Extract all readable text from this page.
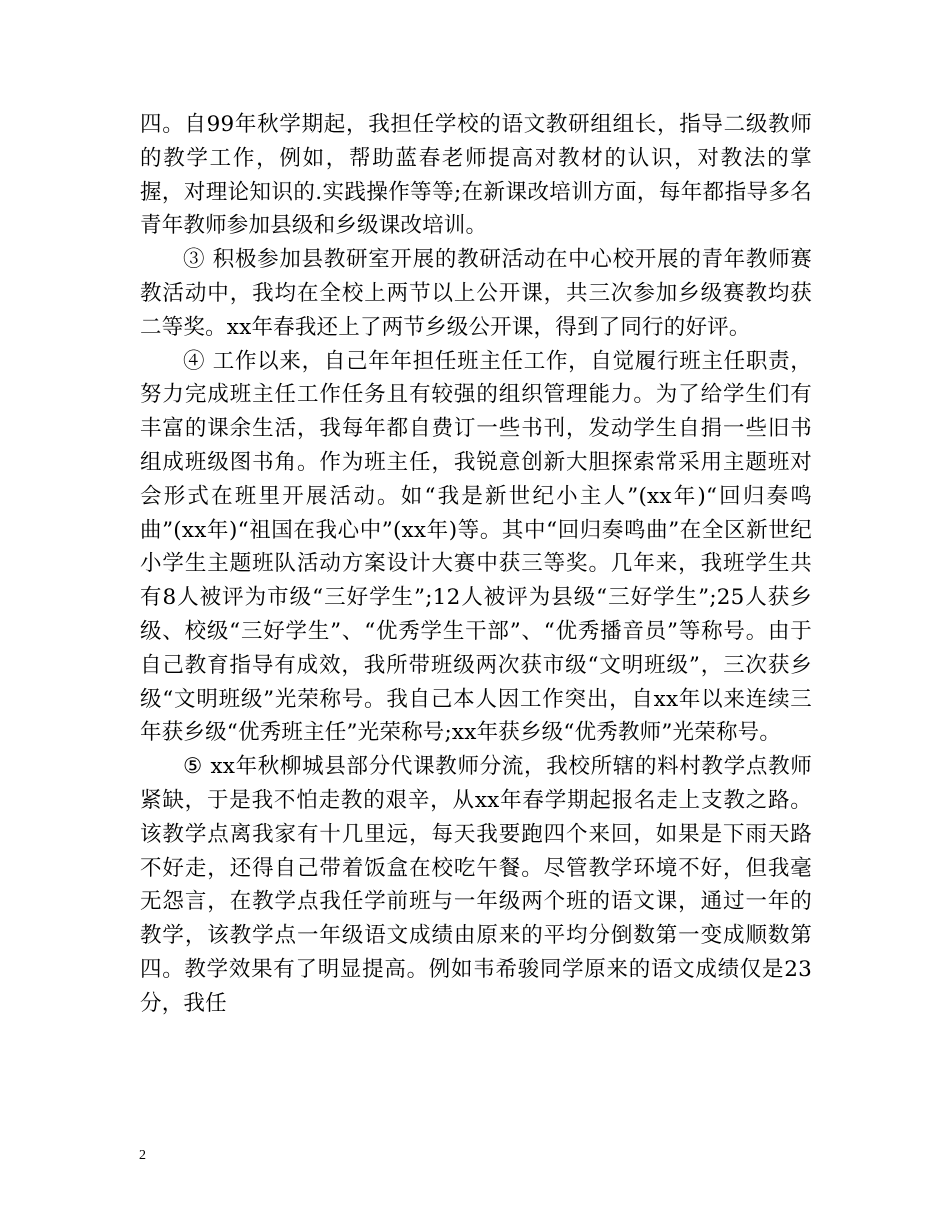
四。自99年秋学期起，我担任学校的语文教研组组长，指导二级教师的教学工作，例如，帮助蓝春老师提高对教材的认识，对教法的掌握，对理论知识的.实践操作等等;在新课改培训方面，每年都指导多名青年教师参加县级和乡级课改培训。

③ 积极参加县教研室开展的教研活动在中心校开展的青年教师赛教活动中，我均在全校上两节以上公开课，共三次参加乡级赛教均获二等奖。xx年春我还上了两节乡级公开课，得到了同行的好评。

④ 工作以来，自己年年担任班主任工作，自觉履行班主任职责，努力完成班主任工作任务且有较强的组织管理能力。为了给学生们有丰富的课余生活，我每年都自费订一些书刊，发动学生自捐一些旧书组成班级图书角。作为班主任，我锐意创新大胆探索常采用主题班对会形式在班里开展活动。如“我是新世纪小主人”(xx年)“回归奏鸣曲”(xx年)“祖国在我心中”(xx年)等。其中“回归奏鸣曲”在全区新世纪小学生主题班队活动方案设计大赛中获三等奖。几年来，我班学生共有8人被评为市级“三好学生”;12人被评为县级“三好学生”;25人获乡级、校级“三好学生”、“优秀学生干部”、“优秀播音员”等称号。由于自己教育指导有成效，我所带班级两次获市级“文明班级”，三次获乡级“文明班级”光荣称号。我自己本人因工作突出，自xx年以来连续三年获乡级“优秀班主任”光荣称号;xx年获乡级“优秀教师”光荣称号。

⑤ xx年秋柳城县部分代课教师分流，我校所辖的料村教学点教师紧缺，于是我不怕走教的艰辛，从xx年春学期起报名走上支教之路。该教学点离我家有十几里远，每天我要跑四个来回，如果是下雨天路不好走，还得自己带着饭盒在校吃午餐。尽管教学环境不好，但我毫无怨言，在教学点我任学前班与一年级两个班的语文课，通过一年的教学，该教学点一年级语文成绩由原来的平均分倒数第一变成顺数第四。教学效果有了明显提高。例如韦希骏同学原来的语文成绩仅是23分，我任

2
